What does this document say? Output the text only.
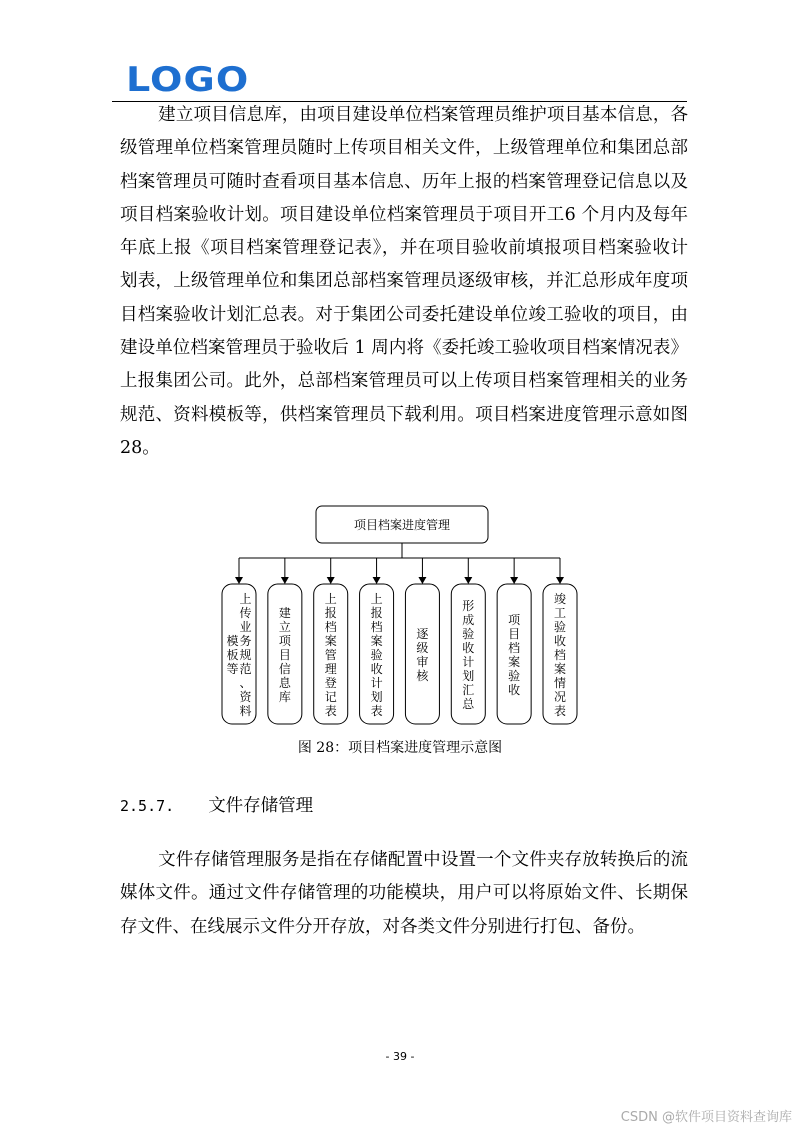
LOGO

建立项目信息库，由项目建设单位档案管理员维护项目基本信息，各级管理单位档案管理员随时上传项目相关文件，上级管理单位和集团总部档案管理员可随时查看项目基本信息、历年上报的档案管理登记信息以及项目档案验收计划。项目建设单位档案管理员于项目开工6 个月内及每年年底上报《项目档案管理登记表》，并在项目验收前填报项目档案验收计划表，上级管理单位和集团总部档案管理员逐级审核，并汇总形成年度项目档案验收计划汇总表。对于集团公司委托建设单位竣工验收的项目，由建设单位档案管理员于验收后 1 周内将《委托竣工验收项目档案情况表》上报集团公司。此外，总部档案管理员可以上传项目档案管理相关的业务规范、资料模板等，供档案管理员下载利用。项目档案进度管理示意如图 28。

项目档案进度管理
上传业务规范、资料模板等
建立项目信息库
上报档案管理登记表
上报档案验收计划表
逐级审核
形成验收计划汇总
项目档案验收
竣工验收档案情况表
图 28：项目档案进度管理示意图
2.5.7. 文件存储管理

文件存储管理服务是指在存储配置中设置一个文件夹存放转换后的流媒体文件。通过文件存储管理的功能模块，用户可以将原始文件、长期保存文件、在线展示文件分开存放，对各类文件分别进行打包、备份。

- 39 -
CSDN @软件项目资料查询库
